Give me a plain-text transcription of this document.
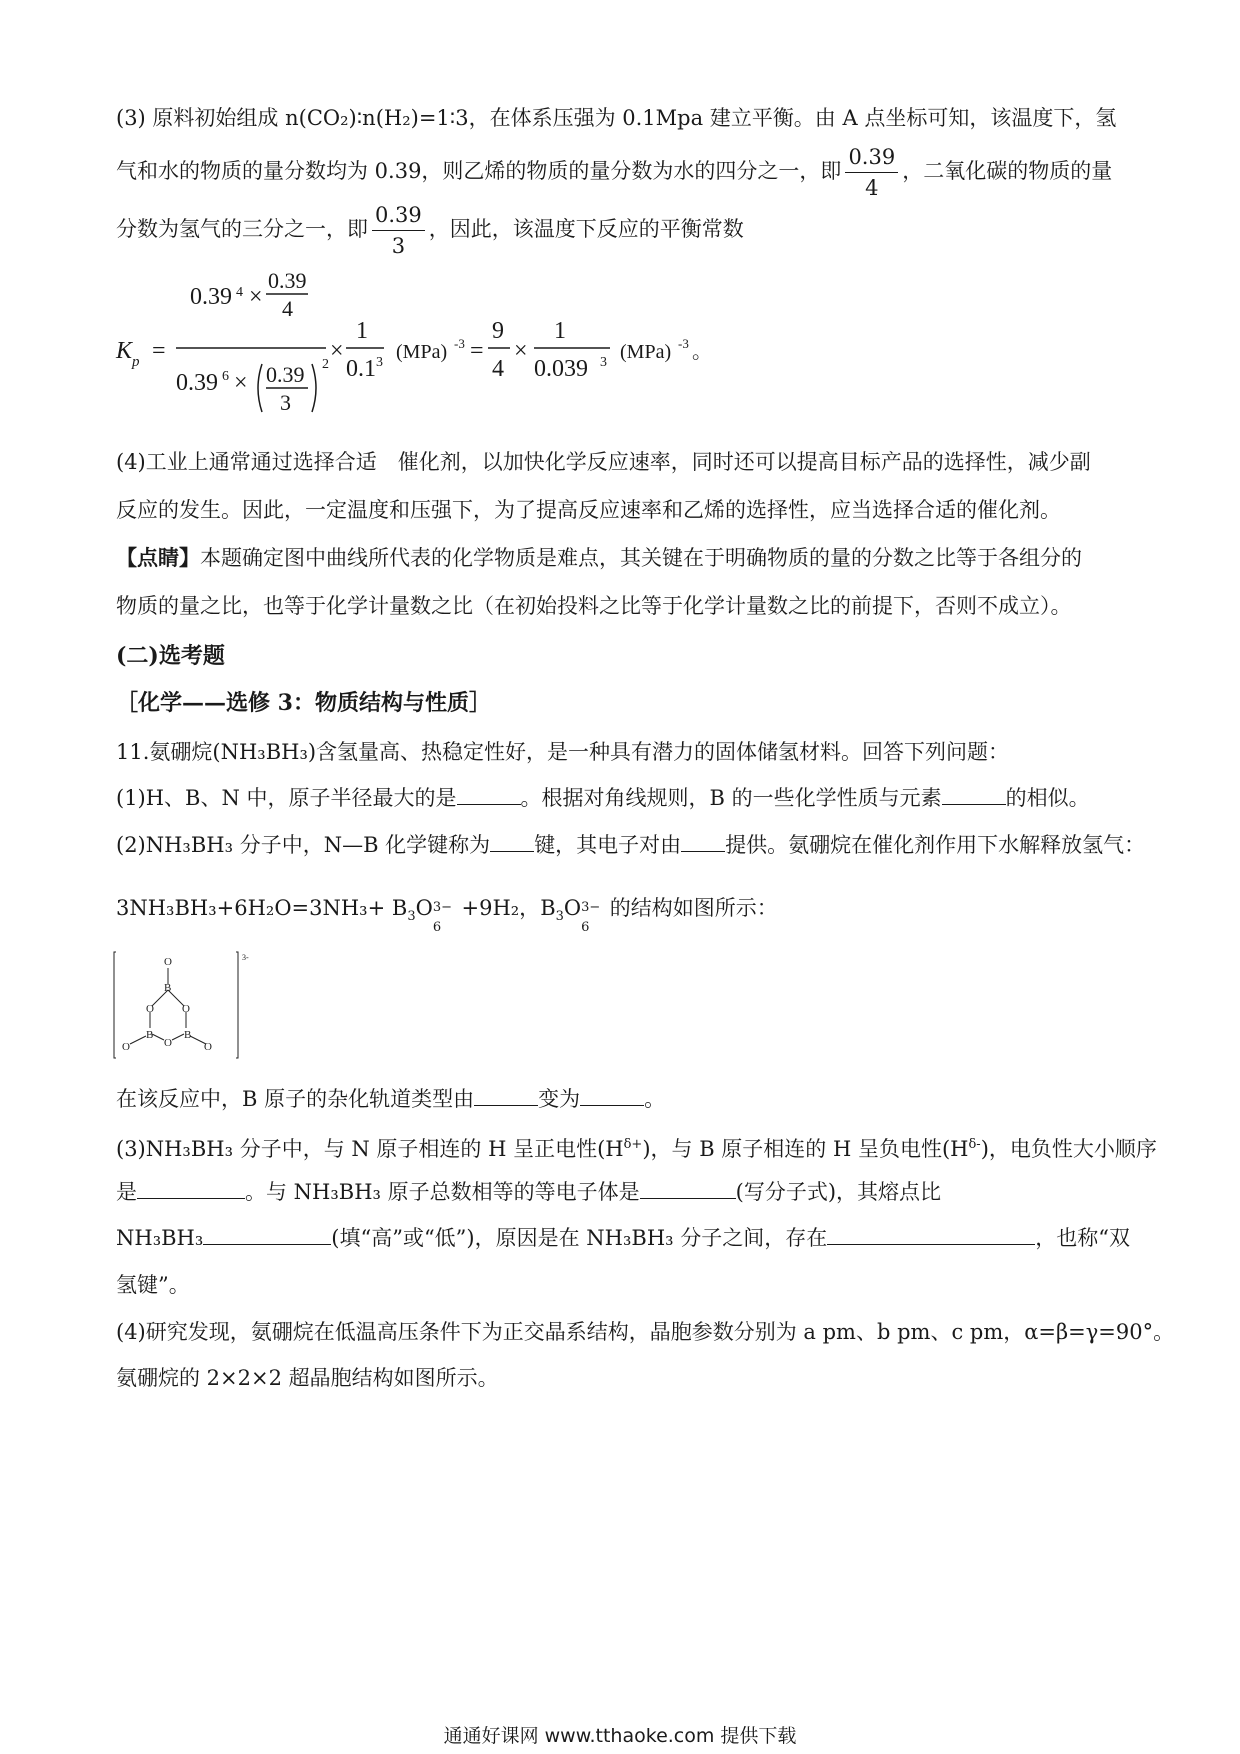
(3) 原料初始组成 n(CO₂)∶n(H₂)=1∶3，在体系压强为 0.1Mpa 建立平衡。由 A 点坐标可知，该温度下，氢
气和水的物质的量分数均为 0.39，则乙烯的物质的量分数为水的四分之一，即 $\frac{0.39}{4}$ ，二氧化碳的物质的量
分数为氢气的三分之一，即 $\frac{0.39}{3}$ ，因此，该温度下反应的平衡常数
K p =
0.39 4 ×
0.39
4
0.39 6 × 0.39
3
2
×
1
0.1 3 (MPa) -3 =
9
4
×
1
0.039 3 (MPa) -3 。
(4)工业上通常通过选择合适　催化剂，以加快化学反应速率，同时还可以提高目标产品的选择性，减少副
反应的发生。因此，一定温度和压强下，为了提高反应速率和乙烯的选择性，应当选择合适的催化剂。
【点睛】本题确定图中曲线所代表的化学物质是难点，其关键在于明确物质的量的分数之比等于各组分的
物质的量之比，也等于化学计量数之比（在初始投料之比等于化学计量数之比的前提下，否则不成立）。
(二)选考题
［化学——选修 3：物质结构与性质］
11.氨硼烷(NH₃BH₃)含氢量高、热稳定性好，是一种具有潜力的固体储氢材料。回答下列问题：
(1)H、B、N 中，原子半径最大的是	。根据对角线规则，B 的一些化学性质与元素	的相似。
(2)NH₃BH₃ 分子中，N—B 化学键称为 键，其电子对由 提供。氨硼烷在催化剂作用下水解释放氢气：
$3NH_3BH_3+6H_2O=3NH_3+ B_3O$ 3−
6
+9H₂，$B_3O$ 3−
6
的结构如图所示：
O
B
O	O
B
O
B
O	O
3-
在该反应中，B 原子的杂化轨道类型由	变为	。
(3)NH₃BH₃ 分子中，与 N 原子相连的 H 呈正电性$(H^{\delta+})$，与 B 原子相连的 H 呈负电性$(H^{\delta-})$，电负性大小顺序
是	。与 NH₃BH₃ 原子总数相等的等电子体是	(写分子式)，其熔点比
NH₃BH₃	(填“高”或“低”)，原因是在 NH₃BH₃ 分子之间，存在	，也称“双
氢键”。
(4)研究发现，氨硼烷在低温高压条件下为正交晶系结构，晶胞参数分别为 a pm、b pm、c pm，α=β=γ=90°。
氨硼烷的 2×2×2 超晶胞结构如图所示。
通通好课网 www.tthaoke.com 提供下载
